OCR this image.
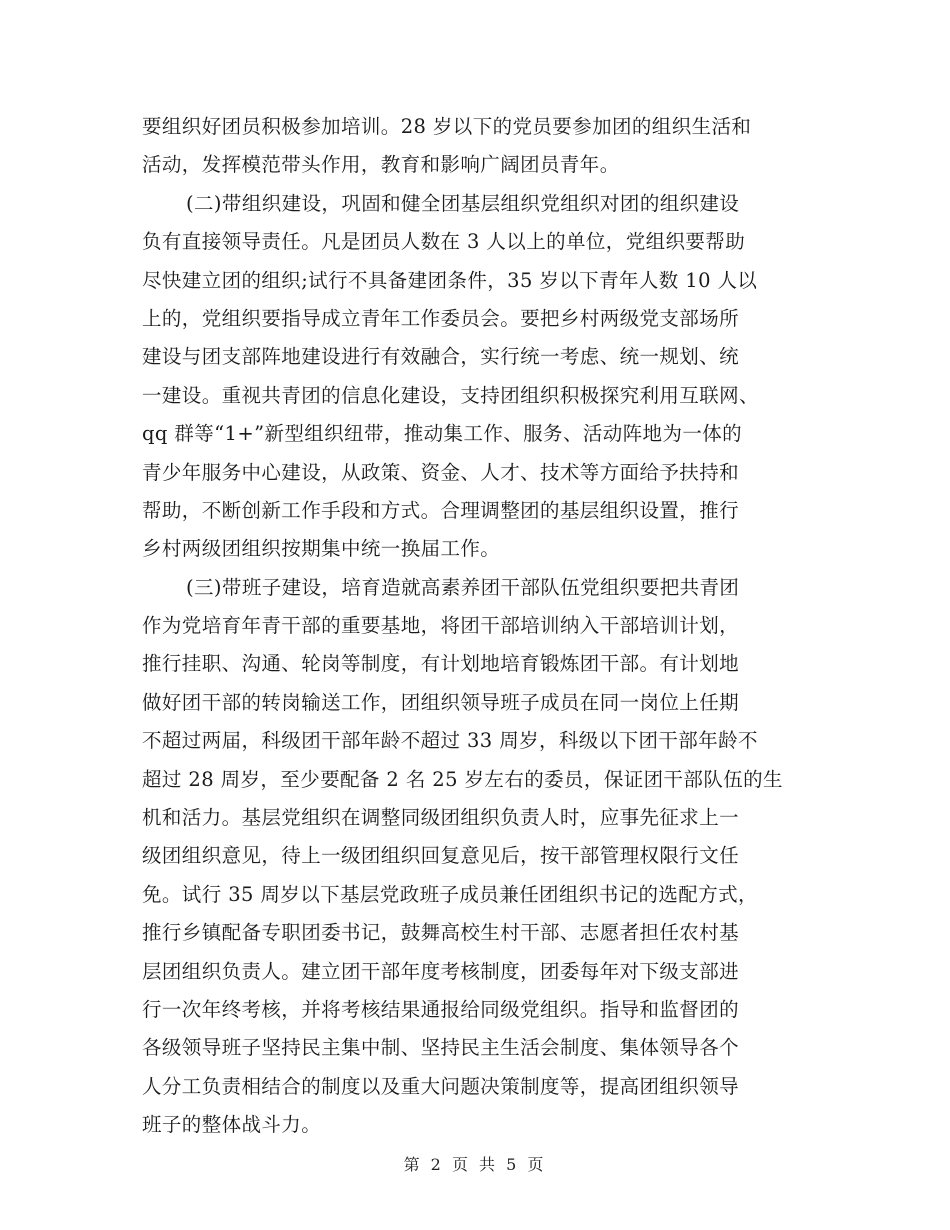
要组织好团员积极参加培训。28 岁以下的党员要参加团的组织生活和
活动，发挥模范带头作用，教育和影响广阔团员青年。
(二)带组织建设，巩固和健全团基层组织党组织对团的组织建设
负有直接领导责任。凡是团员人数在 3 人以上的单位，党组织要帮助
尽快建立团的组织;试行不具备建团条件，35 岁以下青年人数 10 人以
上的，党组织要指导成立青年工作委员会。要把乡村两级党支部场所
建设与团支部阵地建设进行有效融合，实行统一考虑、统一规划、统
一建设。重视共青团的信息化建设，支持团组织积极探究利用互联网、
qq 群等“1+”新型组织纽带，推动集工作、服务、活动阵地为一体的
青少年服务中心建设，从政策、资金、人才、技术等方面给予扶持和
帮助，不断创新工作手段和方式。合理调整团的基层组织设置，推行
乡村两级团组织按期集中统一换届工作。
(三)带班子建设，培育造就高素养团干部队伍党组织要把共青团
作为党培育年青干部的重要基地，将团干部培训纳入干部培训计划，
推行挂职、沟通、轮岗等制度，有计划地培育锻炼团干部。有计划地
做好团干部的转岗输送工作，团组织领导班子成员在同一岗位上任期
不超过两届，科级团干部年龄不超过 33 周岁，科级以下团干部年龄不
超过 28 周岁，至少要配备 2 名 25 岁左右的委员，保证团干部队伍的生
机和活力。基层党组织在调整同级团组织负责人时，应事先征求上一
级团组织意见，待上一级团组织回复意见后，按干部管理权限行文任
免。试行 35 周岁以下基层党政班子成员兼任团组织书记的选配方式，
推行乡镇配备专职团委书记，鼓舞高校生村干部、志愿者担任农村基
层团组织负责人。建立团干部年度考核制度，团委每年对下级支部进
行一次年终考核，并将考核结果通报给同级党组织。指导和监督团的
各级领导班子坚持民主集中制、坚持民主生活会制度、集体领导各个
人分工负责相结合的制度以及重大问题决策制度等，提高团组织领导
班子的整体战斗力。
第 2 页 共 5 页
